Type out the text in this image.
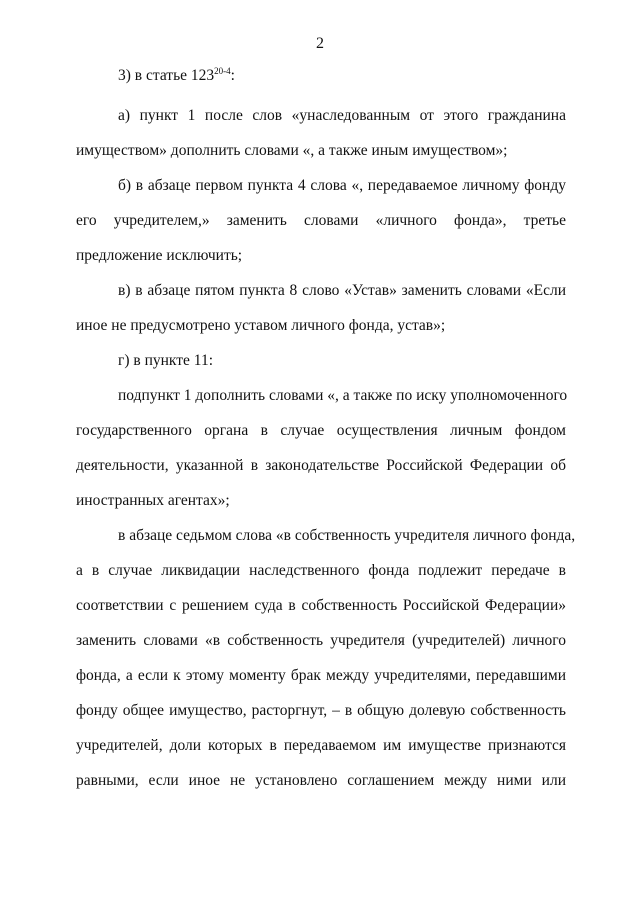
2
3) в статье 123$^{20-4}$:
а) пункт 1 после слов «унаследованным от этого гражданина
имуществом» дополнить словами «, а также иным имуществом»;
б) в абзаце первом пункта 4 слова «, передаваемое личному фонду
его учредителем,» заменить словами «личного фонда», третье
предложение исключить;
в) в абзаце пятом пункта 8 слово «Устав» заменить словами «Если
иное не предусмотрено уставом личного фонда, устав»;
г) в пункте 11:
подпункт 1 дополнить словами «, а также по иску уполномоченного
государственного органа в случае осуществления личным фондом
деятельности, указанной в законодательстве Российской Федерации об
иностранных агентах»;
в абзаце седьмом слова «в собственность учредителя личного фонда,
а в случае ликвидации наследственного фонда подлежит передаче в
соответствии с решением суда в собственность Российской Федерации»
заменить словами «в собственность учредителя (учредителей) личного
фонда, а если к этому моменту брак между учредителями, передавшими
фонду общее имущество, расторгнут, – в общую долевую собственность
учредителей, доли которых в передаваемом им имуществе признаются
равными, если иное не установлено соглашением между ними или
